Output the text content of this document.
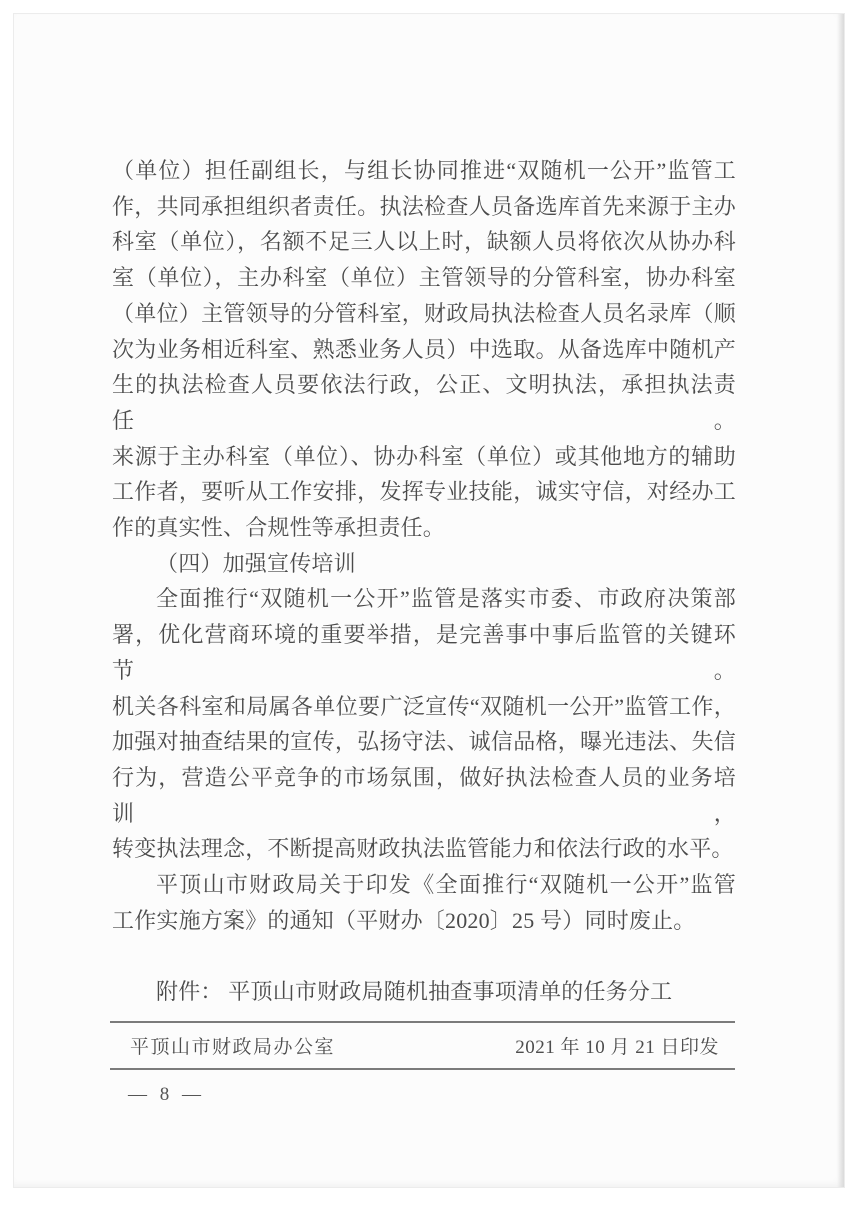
（单位）担任副组长，与组长协同推进“双随机一公开”监管工
作，共同承担组织者责任。执法检查人员备选库首先来源于主办
科室（单位），名额不足三人以上时，缺额人员将依次从协办科
室（单位），主办科室（单位）主管领导的分管科室，协办科室
（单位）主管领导的分管科室，财政局执法检查人员名录库（顺
次为业务相近科室、熟悉业务人员）中选取。从备选库中随机产
生的执法检查人员要依法行政，公正、文明执法，承担执法责任。
来源于主办科室（单位）、协办科室（单位）或其他地方的辅助
工作者，要听从工作安排，发挥专业技能，诚实守信，对经办工
作的真实性、合规性等承担责任。
（四）加强宣传培训
全面推行“双随机一公开”监管是落实市委、市政府决策部
署，优化营商环境的重要举措，是完善事中事后监管的关键环节。
机关各科室和局属各单位要广泛宣传“双随机一公开”监管工作，
加强对抽查结果的宣传，弘扬守法、诚信品格，曝光违法、失信
行为，营造公平竞争的市场氛围，做好执法检查人员的业务培训，
转变执法理念，不断提高财政执法监管能力和依法行政的水平。
平顶山市财政局关于印发《全面推行“双随机一公开”监管
工作实施方案》的通知（平财办〔2020〕25 号）同时废止。
附件： 平顶山市财政局随机抽查事项清单的任务分工
平顶山市财政局办公室	2021 年 10 月 21 日印发
— 8 —
